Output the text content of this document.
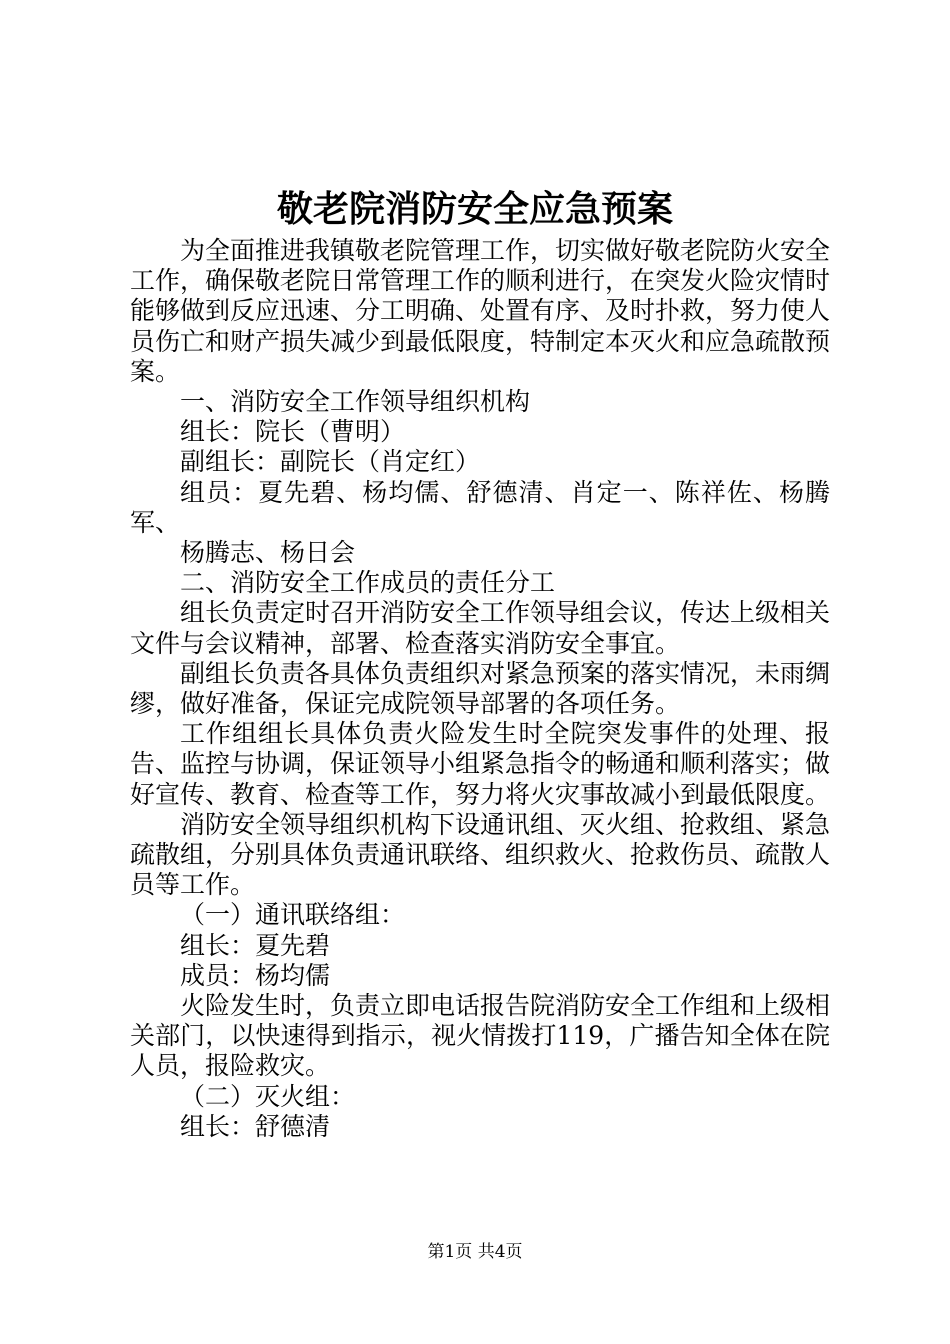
敬老院消防安全应急预案

为全面推进我镇敬老院管理工作，切实做好敬老院防火安全工作，确保敬老院日常管理工作的顺利进行，在突发火险灾情时能够做到反应迅速、分工明确、处置有序、及时扑救，努力使人员伤亡和财产损失减少到最低限度，特制定本灭火和应急疏散预案。

一、消防安全工作领导组织机构

组长：院长（曹明）

副组长：副院长（肖定红）

组员：夏先碧、杨均儒、舒德清、肖定一、陈祥佐、杨腾军、

杨腾志、杨日会

二、消防安全工作成员的责任分工

组长负责定时召开消防安全工作领导组会议，传达上级相关文件与会议精神，部署、检查落实消防安全事宜。

副组长负责各具体负责组织对紧急预案的落实情况，未雨绸缪，做好准备，保证完成院领导部署的各项任务。

工作组组长具体负责火险发生时全院突发事件的处理、报告、监控与协调，保证领导小组紧急指令的畅通和顺利落实；做好宣传、教育、检查等工作，努力将火灾事故减小到最低限度。

消防安全领导组织机构下设通讯组、灭火组、抢救组、紧急疏散组，分别具体负责通讯联络、组织救火、抢救伤员、疏散人员等工作。

（一）通讯联络组：

组长：夏先碧

成员：杨均儒

火险发生时，负责立即电话报告院消防安全工作组和上级相关部门，以快速得到指示，视火情拨打119，广播告知全体在院人员，报险救灾。

（二）灭火组：

组长：舒德清

第1页 共4页
